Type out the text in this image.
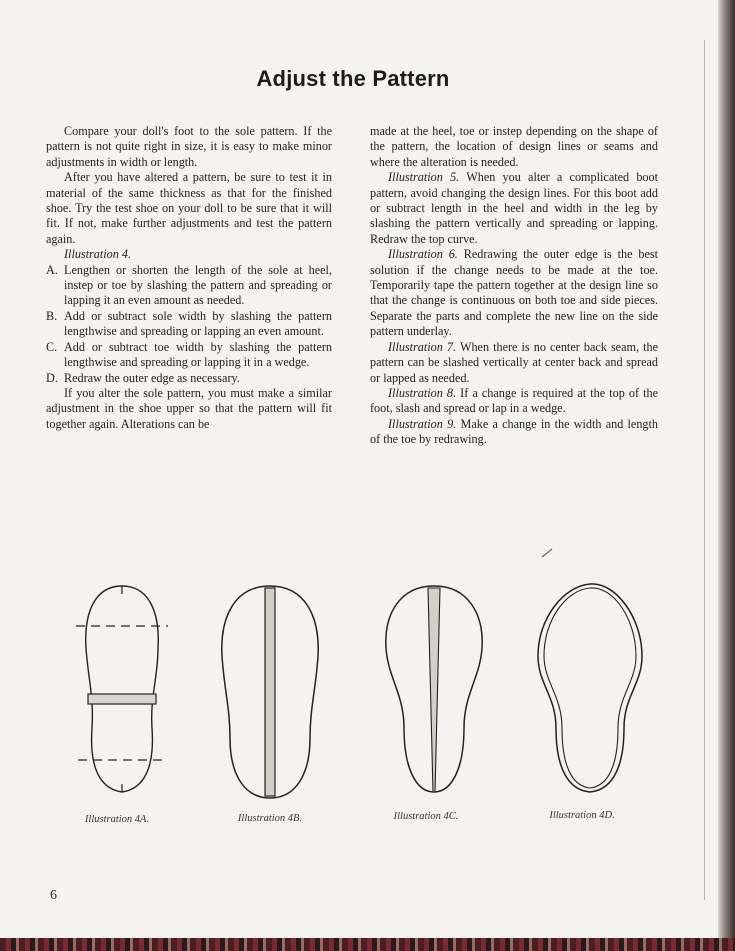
Adjust the Pattern

Compare your doll's foot to the sole pattern. If the pattern is not quite right in size, it is easy to make minor adjustments in width or length.

After you have altered a pattern, be sure to test it in material of the same thickness as that for the finished shoe. Try the test shoe on your doll to be sure that it will fit. If not, make further adjustments and test the pattern again.

Illustration 4.

A. Lengthen or shorten the length of the sole at heel, instep or toe by slashing the pattern and spreading or lapping it an even amount as needed.
B. Add or subtract sole width by slashing the pattern lengthwise and spreading or lapping an even amount.
C. Add or subtract toe width by slashing the pattern lengthwise and spreading or lapping it in a wedge.
D. Redraw the outer edge as necessary.

If you alter the sole pattern, you must make a similar adjustment in the shoe upper so that the pattern will fit together again. Alterations can be

made at the heel, toe or instep depending on the shape of the pattern, the location of design lines or seams and where the alteration is needed.

Illustration 5. When you alter a complicated boot pattern, avoid changing the design lines. For this boot add or subtract length in the heel and width in the leg by slashing the pattern vertically and spreading or lapping. Redraw the top curve.

Illustration 6. Redrawing the outer edge is the best solution if the change needs to be made at the toe. Temporarily tape the pattern together at the design line so that the change is continuous on both toe and side pieces. Separate the parts and complete the new line on the side pattern underlay.

Illustration 7. When there is no center back seam, the pattern can be slashed vertically at center back and spread or lapped as needed.

Illustration 8. If a change is required at the top of the foot, slash and spread or lap in a wedge.

Illustration 9. Make a change in the width and length of the toe by redrawing.

Illustration 4A.	Illustration 4B.	Illustration 4C.	Illustration 4D.
6
